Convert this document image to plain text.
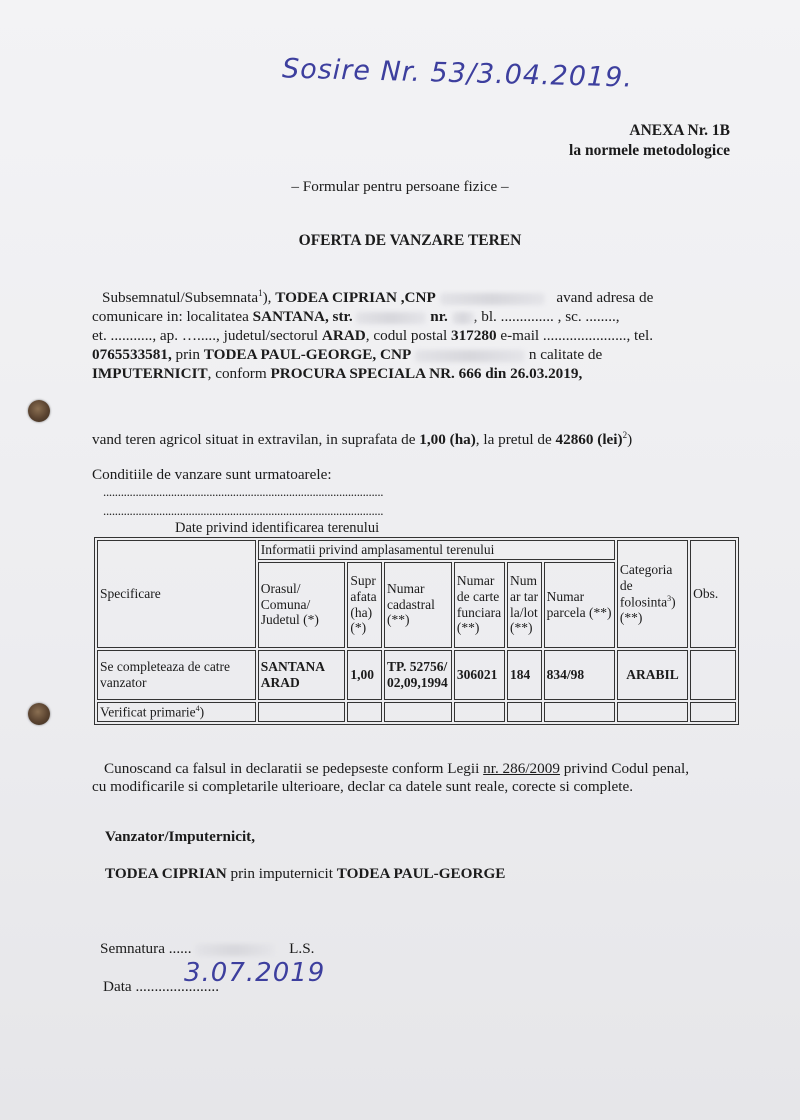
Sosire Nr. 53/3.04.2019.
ANEXA Nr. 1B
la normele metodologice
– Formular pentru persoane fizice –
OFERTA DE VANZARE TEREN
Subsemnatul/Subsemnata$^1$), TODEA CIPRIAN ,CNP	avand adresa de
comunicare in: localitatea SANTANA, str.	nr. , bl. .............. , sc. ........,
et. ..........., ap. …....., judetul/sectorul ARAD, codul postal 317280 e-mail ......................, tel.
0765533581, prin TODEA PAUL-GEORGE, CNP	n calitate de
IMPUTERNICIT, conform PROCURA SPECIALA NR. 666 din 26.03.2019,
vand teren agricol situat in extravilan, in suprafata de 1,00 (ha), la pretul de 42860 (lei)$^2$)
Conditiile de vanzare sunt urmatoarele:
...............................................................................................
...............................................................................................
Date privind identificarea terenului
Specificare	Informatii privind amplasamentul terenului						Categoria de folosinta$^3$) (**)	Obs.
	Orasul/ Comuna/ Judetul (*)	Suprafata (ha) (*)	Numar cadastral (**)	Numar de carte funciara (**)	Numar tarla/lot (**)	Numar parcela (**)		
Se completeaza de catre vanzator	SANTANA ARAD	1,00	TP. 52756/ 02,09,1994	306021	184	834/98	ARABIL	
Verificat primarie$^4$)								
Cunoscand ca falsul in declaratii se pedepseste conform Legii nr. 286/2009 privind Codul penal,
cu modificarile si completarile ulterioare, declar ca datele sunt reale, corecte si complete.
Vanzator/Imputernicit,
TODEA CIPRIAN prin imputernicit TODEA PAUL-GEORGE
Semnatura ......	L.S.
Data ......................
3.07.2019
